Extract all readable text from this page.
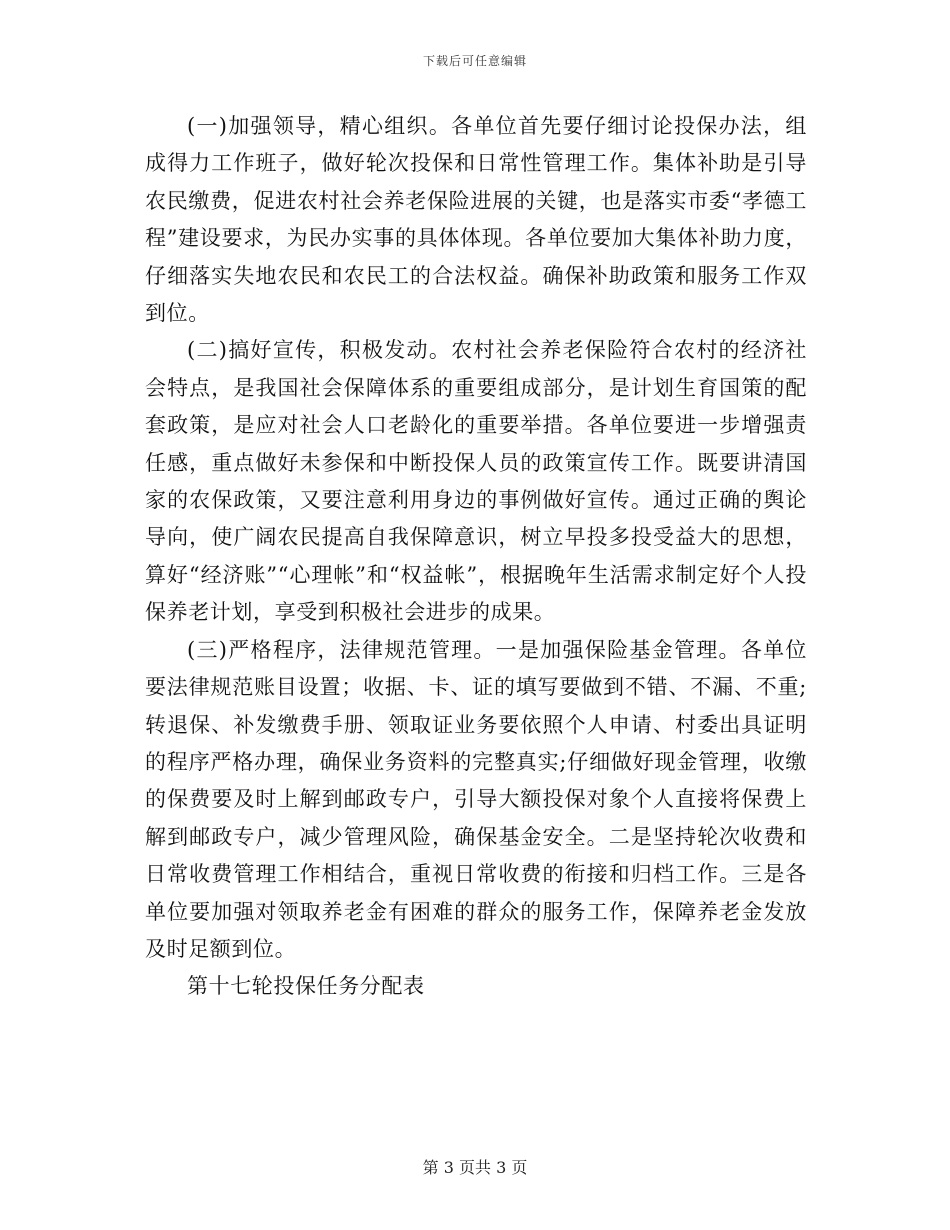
下载后可任意编辑

(一)加强领导，精心组织。各单位首先要仔细讨论投保办法，组成得力工作班子，做好轮次投保和日常性管理工作。集体补助是引导农民缴费，促进农村社会养老保险进展的关键，也是落实市委“孝德工程”建设要求，为民办实事的具体体现。各单位要加大集体补助力度，仔细落实失地农民和农民工的合法权益。确保补助政策和服务工作双到位。

(二)搞好宣传，积极发动。农村社会养老保险符合农村的经济社会特点，是我国社会保障体系的重要组成部分，是计划生育国策的配套政策，是应对社会人口老龄化的重要举措。各单位要进一步增强责任感，重点做好未参保和中断投保人员的政策宣传工作。既要讲清国家的农保政策，又要注意利用身边的事例做好宣传。通过正确的舆论导向，使广阔农民提高自我保障意识，树立早投多投受益大的思想，算好“经济账”“心理帐”和“权益帐”，根据晚年生活需求制定好个人投保养老计划，享受到积极社会进步的成果。

(三)严格程序，法律规范管理。一是加强保险基金管理。各单位要法律规范账目设置；收据、卡、证的填写要做到不错、不漏、不重;转退保、补发缴费手册、领取证业务要依照个人申请、村委出具证明的程序严格办理，确保业务资料的完整真实;仔细做好现金管理，收缴的保费要及时上解到邮政专户，引导大额投保对象个人直接将保费上解到邮政专户，减少管理风险，确保基金安全。二是坚持轮次收费和日常收费管理工作相结合，重视日常收费的衔接和归档工作。三是各单位要加强对领取养老金有困难的群众的服务工作，保障养老金发放及时足额到位。

第十七轮投保任务分配表

第 3 页共 3 页
